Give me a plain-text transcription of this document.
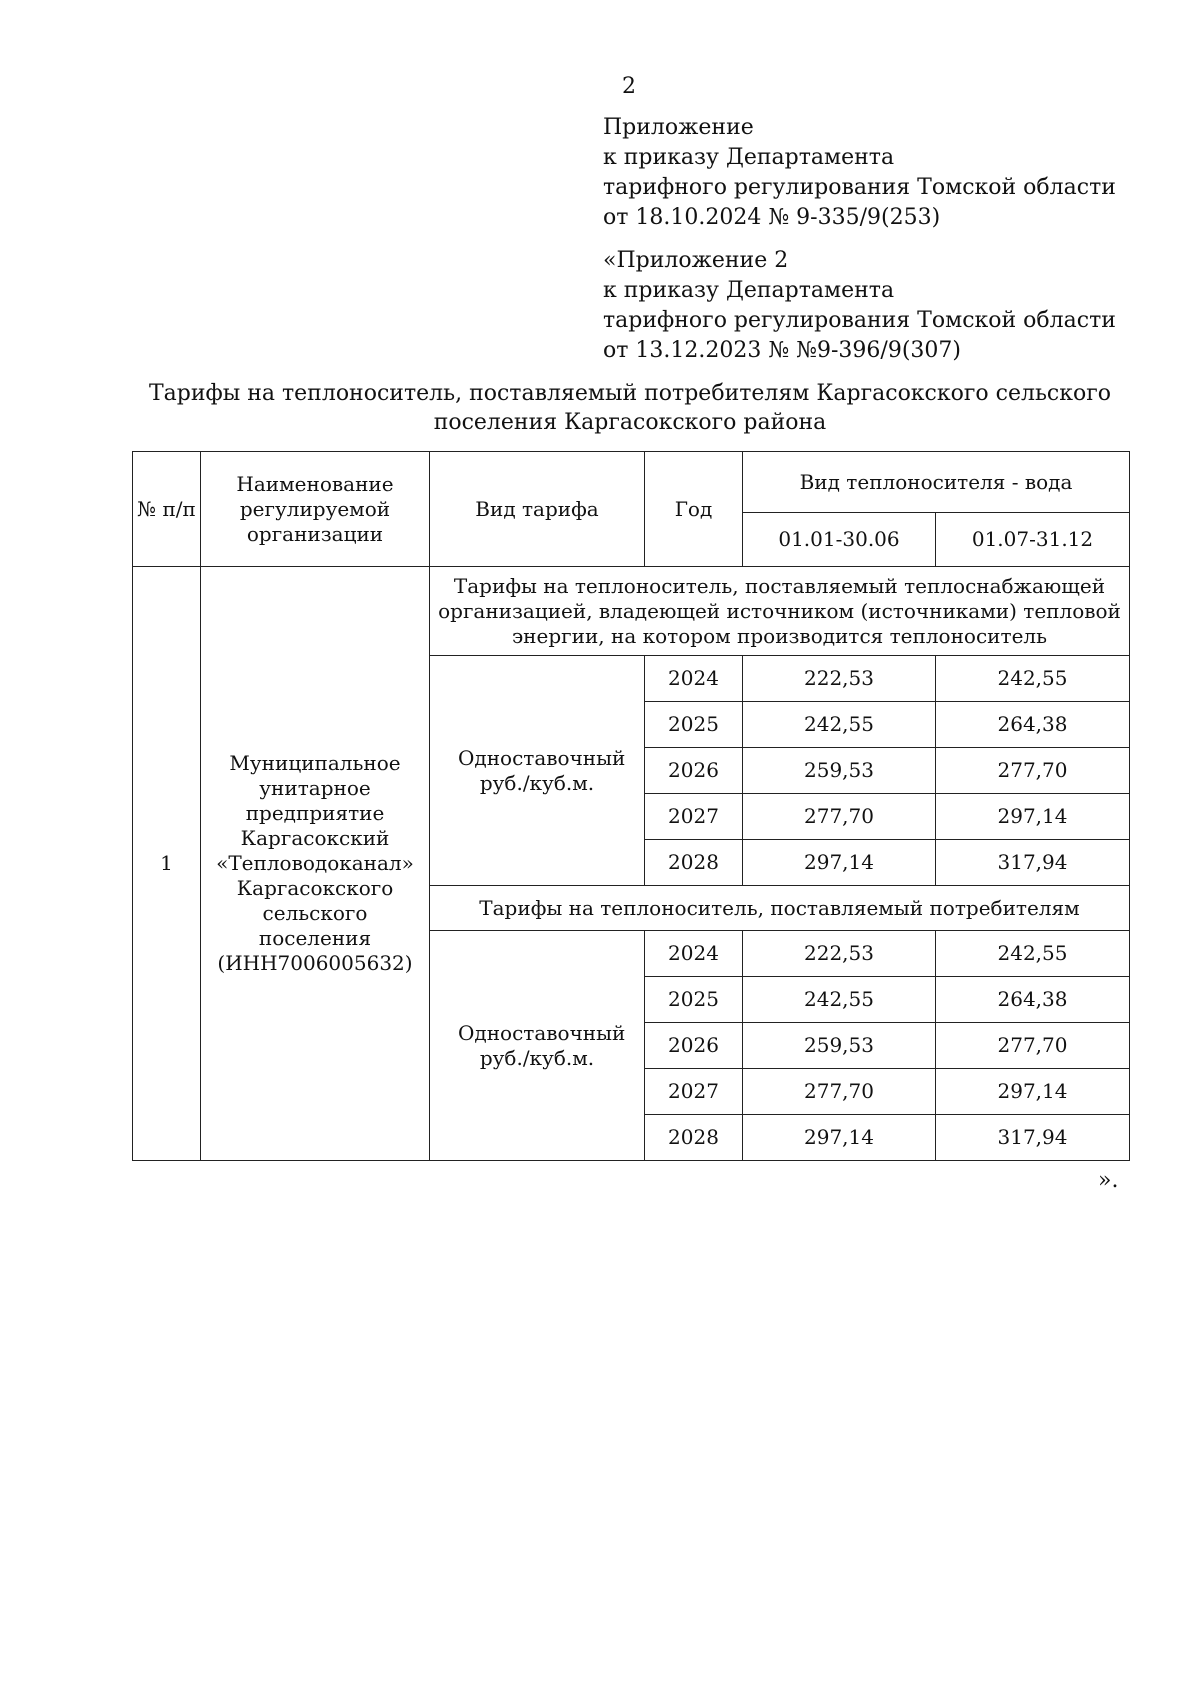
2
Приложение
к приказу Департамента
тарифного регулирования Томской области
от 18.10.2024 № 9-335/9(253)
«Приложение 2
к приказу Департамента
тарифного регулирования Томской области
от 13.12.2023 № №9-396/9(307)
Тарифы на теплоноситель, поставляемый потребителям Каргасокского сельского
поселения Каргасокского района
№ п/п	Наименование регулируемой организации	Вид тарифа	Год	Вид теплоносителя - вода	
				01.01-30.06	01.07-31.12
1	Муниципальное унитарное предприятие Каргасокский «Тепловодоканал» Каргасокского сельского поселения (ИНН7006005632)	Тарифы на теплоноситель, поставляемый теплоснабжающей организацией, владеющей источником (источниками) тепловой энергии, на котором производится теплоноситель			
		Одноставочный руб./куб.м.	2024	222,53	242,55
			2025	242,55	264,38
			2026	259,53	277,70
			2027	277,70	297,14
			2028	297,14	317,94
		Тарифы на теплоноситель, поставляемый потребителям			
		Одноставочный руб./куб.м.	2024	222,53	242,55
			2025	242,55	264,38
			2026	259,53	277,70
			2027	277,70	297,14
			2028	297,14	317,94
».
